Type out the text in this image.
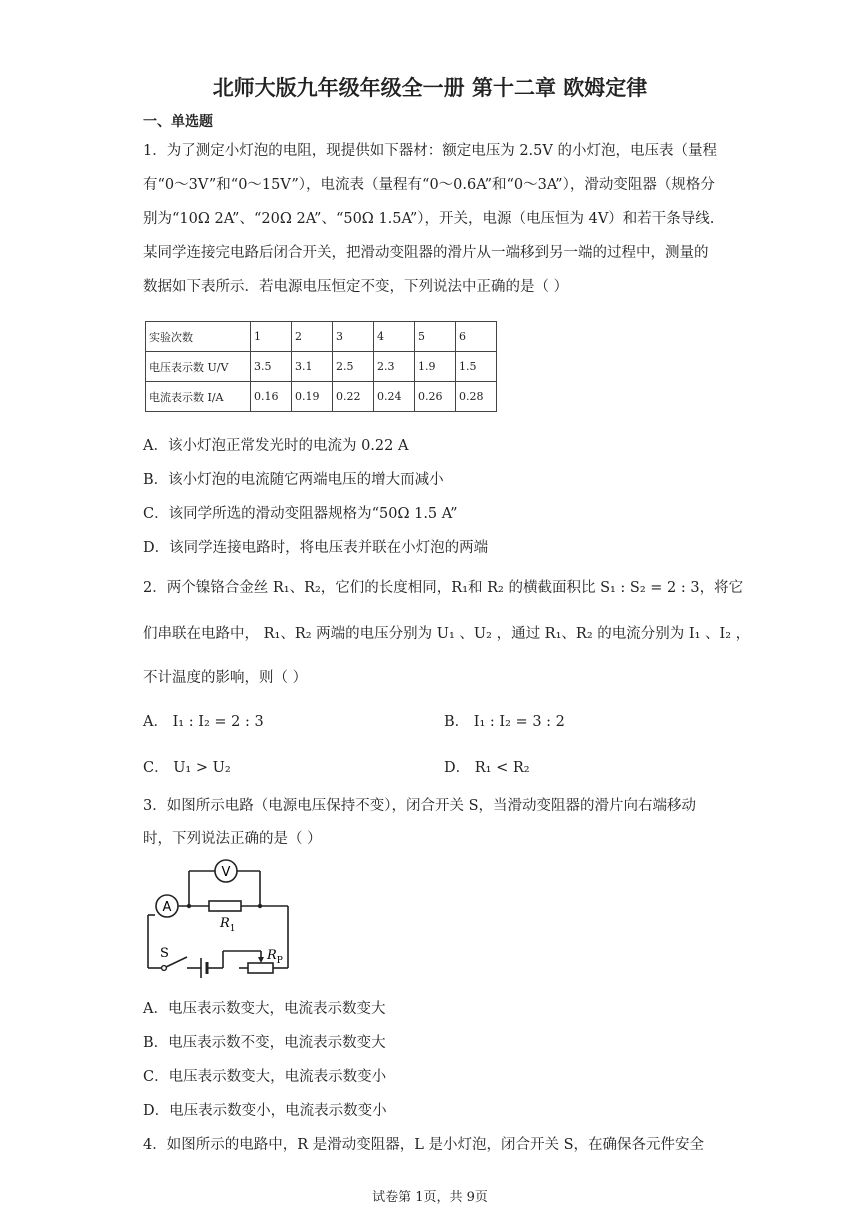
北师大版九年级年级全一册 第十二章 欧姆定律
一、单选题
1．为了测定小灯泡的电阻，现提供如下器材：额定电压为 2.5V 的小灯泡，电压表（量程有“0～3V”和“0～15V”），电流表（量程有“0～0.6A”和“0～3A”），滑动变阻器（规格分别为“10Ω 2A”、“20Ω 2A”、“50Ω 1.5A”），开关，电源（电压恒为 4V）和若干条导线.某同学连接完电路后闭合开关，把滑动变阻器的滑片从一端移到另一端的过程中，测量的数据如下表所示．若电源电压恒定不变，下列说法中正确的是（ ）
实验次数	1	2	3	4	5	6
电压表示数 U/V	3.5	3.1	2.5	2.3	1.9	1.5
电流表示数 I/A	0.16	0.19	0.22	0.24	0.26	0.28
A．该小灯泡正常发光时的电流为 0.22 A
B．该小灯泡的电流随它两端电压的增大而减小
C．该同学所选的滑动变阻器规格为“50Ω 1.5 A”
D．该同学连接电路时，将电压表并联在小灯泡的两端
2．两个镍铬合金丝 R₁、R₂，它们的长度相同，R₁和 R₂ 的横截面积比 S₁ : S₂ = 2 : 3，将它
们串联在电路中， R₁、R₂ 两端的电压分别为 U₁ 、U₂ ，通过 R₁、R₂ 的电流分别为 I₁ 、I₂ ，
不计温度的影响，则（ ）
A． I₁ : I₂ = 2 : 3	B． I₁ : I₂ = 3 : 2
C． U₁ > U₂	D． R₁ < R₂
3．如图所示电路（电源电压保持不变），闭合开关 S，当滑动变阻器的滑片向右端移动
时，下列说法正确的是（ ）
A
V
$R_1$
S	$R_P$
A．电压表示数变大，电流表示数变大
B．电压表示数不变，电流表示数变大
C．电压表示数变大，电流表示数变小
D．电压表示数变小，电流表示数变小
4．如图所示的电路中，R 是滑动变阻器，L 是小灯泡，闭合开关 S，在确保各元件安全
试卷第 1页，共 9页
